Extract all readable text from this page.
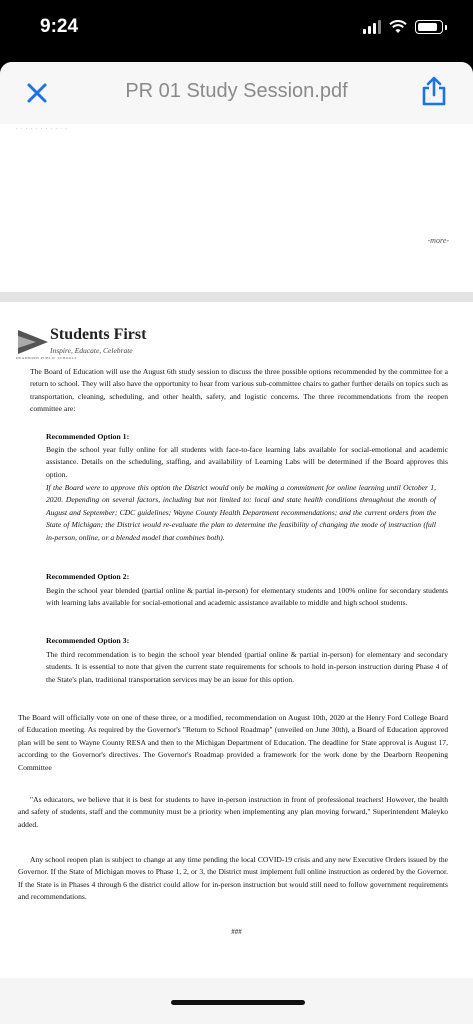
9:24
PR 01 Study Session.pdf
· · · · · · · · · · ·
-more-
Students First
Inspire, Educate, Celebrate
DEARBORN PUBLIC SCHOOLS
The Board of Education will use the August 6th study session to discuss the three possible options recommended by the committee for a return to school. They will also have the opportunity to hear from various sub-committee chairs to gather further details on topics such as transportation, cleaning, scheduling, and other health, safety, and logistic concerns. The three recommendations from the reopen committee are:
Recommended Option 1:
Begin the school year fully online for all students with face-to-face learning labs available for social-emotional and academic assistance. Details on the scheduling, staffing, and availability of Learning Labs will be determined if the Board approves this option.
If the Board were to approve this option the District would only be making a commitment for online learning until October 1, 2020. Depending on several factors, including but not limited to: local and state health conditions throughout the month of August and September; CDC guidelines; Wayne County Health Department recommendations; and the current orders from the State of Michigan; the District would re-evaluate the plan to determine the feasibility of changing the mode of instruction (full in-person, online, or a blended model that combines both).
Recommended Option 2:
Begin the school year blended (partial online & partial in-person) for elementary students and 100% online for secondary students with learning labs available for social-emotional and academic assistance available to middle and high school students.
Recommended Option 3:
The third recommendation is to begin the school year blended (partial online & partial in-person) for elementary and secondary students. It is essential to note that given the current state requirements for schools to hold in-person instruction during Phase 4 of the State's plan, traditional transportation services may be an issue for this option.
The Board will officially vote on one of these three, or a modified, recommendation on August 10th, 2020 at the Henry Ford College Board of Education meeting. As required by the Governor's "Return to School Roadmap" (unveiled on June 30th), a Board of Education approved plan will be sent to Wayne County RESA and then to the Michigan Department of Education. The deadline for State approval is August 17, according to the Governor's directives. The Governor's Roadmap provided a framework for the work done by the Dearborn Reopening Committee
"As educators, we believe that it is best for students to have in-person instruction in front of professional teachers! However, the health and safety of students, staff and the community must be a priority when implementing any plan moving forward," Superintendent Maleyko added.
Any school reopen plan is subject to change at any time pending the local COVID-19 crisis and any new Executive Orders issued by the Governor. If the State of Michigan moves to Phase 1, 2, or 3, the District must implement full online instruction as ordered by the Governor. If the State is in Phases 4 through 6 the district could allow for in-person instruction but would still need to follow government requirements and recommendations.
###
